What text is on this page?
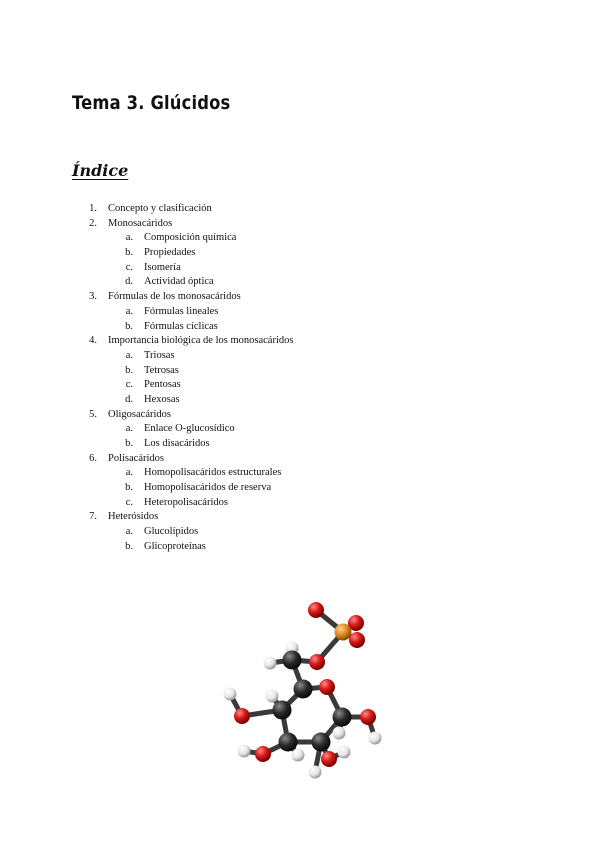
Tema 3. Glúcidos
Índice
1. Concepto y clasificación
2. Monosacáridos
a. Composición química
b. Propiedades
c. Isomería
d. Actividad óptica
3. Fórmulas de los monosacáridos
a. Fórmulas lineales
b. Fórmulas cíclicas
4. Importancia biológica de los monosacáridos
a. Triosas
b. Tetrosas
c. Pentosas
d. Hexosas
5. Oligosacáridos
a. Enlace O-glucosídico
b. Los disacáridos
6. Polisacáridos
a. Homopolisacáridos estructurales
b. Homopolisacáridos de reserva
c. Heteropolisacáridos
7. Heterósidos
a. Glucolípidos
b. Glicoproteínas
